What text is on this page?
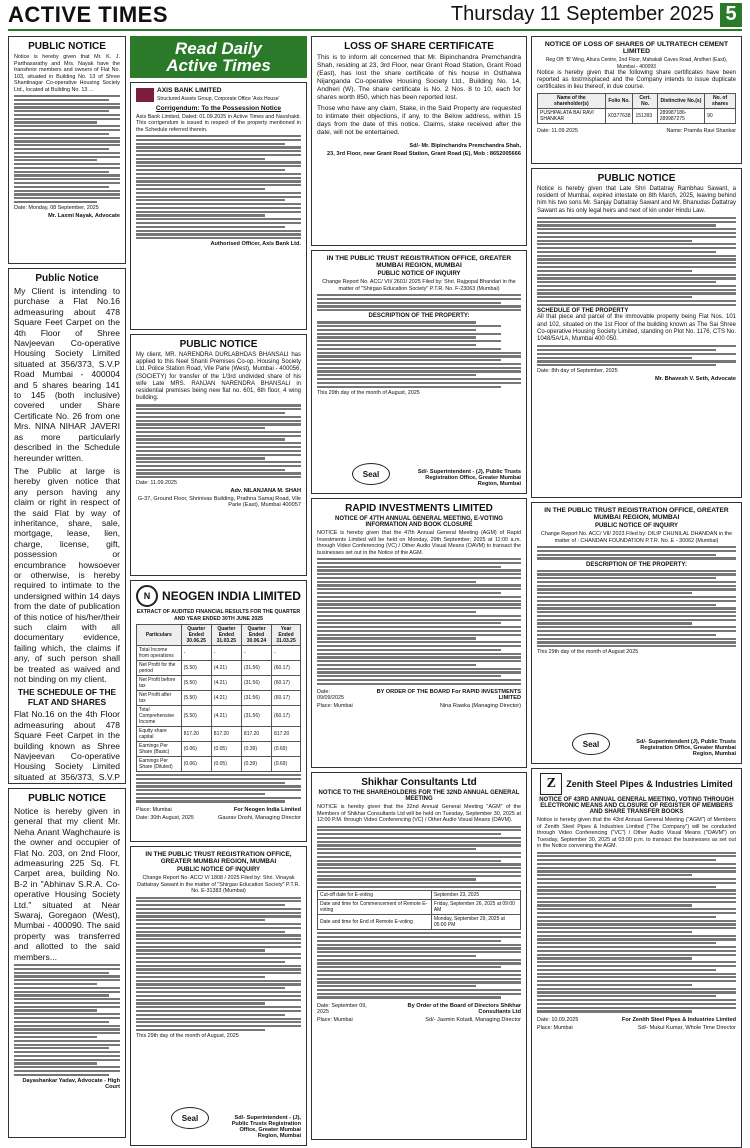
ACTIVE TIMES	Thursday 11 September 2025 5
PUBLIC NOTICE
Notice is hereby given that Mr. K. J. Parthasarathy and Mrs. Nayak have the transferor members and owners of Flat No. 103, situated in Building No. 13 of Shree Shantinagar Co-operative Housing Society Ltd., located at Building No. 13 ...
Date: Monday, 08 September, 2025
Mr. Laxmi Nayak, Advocate
Public Notice
My Client is intending to purchase a Flat No.16 admeasuring about 478 Square Feet Carpet on the 4th Floor of Shree Navjeevan Co-operative Housing Society Limited situated at 356/373, S.V.P Road Mumbai - 400004 and 5 shares bearing 141 to 145 (both inclusive) covered under Share Certificate No. 26 from one Mrs. NINA NIHAR JAVERI as more particularly described in the Schedule hereunder written.
The Public at large is hereby given notice that any person having any claim or right in respect of the said Flat by way of inheritance, share, sale, mortgage, lease, lien, charge, license, gift, possession or encumbrance howsoever or otherwise, is hereby required to intimate to the undersigned within 14 days from the date of publication of this notice of his/her/their such claim with all documentary evidence, failing which, the claims if any, of such person shall be treated as waived and not binding on my client.
THE SCHEDULE OF THE FLAT AND SHARES
Flat No.16 on the 4th Floor admeasuring about 478 Square Feet Carpet in the building known as Shree Navjeevan Co-operative Housing Society Limited situated at 356/373, S.V.P
PUBLIC NOTICE
Notice is hereby given in general that my client Mr. Neha Anant Waghchaure is the owner and occupier of Flat No. 203, on 2nd Floor, admeasuring 225 Sq. Ft. Carpet area, building No. B-2 in "Abhinav S.R.A. Co-operative Housing Society Ltd." situated at Near Swaraj, Goregaon (West), Mumbai - 400090. The said property was transferred and allotted to the said members...
Dayashankar Yadav, Advocate - High Court
Read Daily
Active Times
AXIS BANK LIMITED
Structured Assets Group, Corporate Office 'Axis House'
Corrigendum: To the Possession Notice
Axis Bank Limited, Dated: 01.09.2025 in Active Times and Navshakti. This corrigendum is issued in respect of the property mentioned in the Schedule referred therein.
Authorised Officer, Axis Bank Ltd.
PUBLIC NOTICE
My client, MR. NARENDRA DURLABHDAS BHANSALI has applied to this Neel Shanti Premises Co-op. Housing Society Ltd. Police Station Road, Vile Parle (West), Mumbai - 400056, (SOCIETY) for transfer of the 1/3rd undivided share of his wife Late MRS. RANJAN NARENDRA BHANSALI in residential premises being new flat no. 601, 6th floor, 4 wing building.
Date: 11.09.2025
Adv. NILANJANA M. SHAH
G-37, Ground Floor, Shrinivas Building, Prathna Samaj Road, Vile Parle (East), Mumbai 400057
N NEOGEN INDIA LIMITED
EXTRACT OF AUDITED FINANCIAL RESULTS FOR THE QUARTER AND YEAR ENDED 30TH JUNE 2025
Particulars	Quarter Ended 30.06.25	Quarter Ended 31.03.25	Quarter Ended 30.06.24	Year Ended 31.03.25
Total Income from operations	-	-	-	-
Net Profit for the period	(5.50)	(4.21)	(31.56)	(60.17)
Net Profit before tax	(5.50)	(4.21)	(31.56)	(60.17)
Net Profit after tax	(5.50)	(4.21)	(31.56)	(60.17)
Total Comprehensive Income	(5.50)	(4.21)	(31.56)	(60.17)
Equity share capital	817.20	817.20	817.20	817.20
Earnings Per Share (Basic)	(0.06)	(0.05)	(0.39)	(0.69)
Earnings Per Share (Diluted)	(0.06)	(0.05)	(0.39)	(0.69)
Place: Mumbai
Date: 30th August, 2025
For Neogen India Limited
Gaurav Doshi, Managing Director
IN THE PUBLIC TRUST REGISTRATION OFFICE, GREATER MUMBAI REGION, MUMBAI
PUBLIC NOTICE OF INQUIRY
Change Report No. ACC/ V/ 1808 / 2025 Filed by: Shri. Vinayak Dattatray Sawant in the matter of "Shirgao Education Society" P.T.R. No. E-31383 (Mumbai)
This 29th day of the month of August, 2025
Seal	Sd/- Superintendent - (J), Public Trusts Registration Office, Greater Mumbai Region, Mumbai
LOSS OF SHARE CERTIFICATE
This is to inform all concerned that Mr. Bipinchandra Premchandra Shah, residing at 23, 3rd Floor, near Grant Road Station, Grant Road (East), has lost the share certificate of his house in Osthalwa Nijanganda Co-operative Housing Society Ltd., Building No. 14, Andheri (W). The share certificate is No. 2 Nos. 8 to 10, each for shares worth 850, which has been reported lost.
Those who have any claim, Stake, in the Said Property are requested to intimate their objections, if any, to the Below address, within 15 days from the date of this notice. Claims, stake received after the date, will not be entertained.
Sd/- Mr. Bipinchandra Premchandra Shah,
23, 3rd Floor, near Grant Road Station, Grant Road (E), Mob : 8652005666
IN THE PUBLIC TRUST REGISTRATION OFFICE, GREATER MUMBAI REGION, MUMBAI
PUBLIC NOTICE OF INQUIRY
Change Report No. ACC/ VII/ 2601/ 2025 Filed by: Shri. Rajgopal Bhandari in the matter of "Shirgao Education Society" P.T.R. No. F-23063 (Mumbai)
DESCRIPTION OF THE PROPERTY:
This 29th day of the month of August, 2025
Seal	Sd/- Superintendent - (J), Public Trusts Registration Office, Greater Mumbai Region, Mumbai
RAPID INVESTMENTS LIMITED
NOTICE OF 47TH ANNUAL GENERAL MEETING, E-VOTING INFORMATION AND BOOK CLOSURE
NOTICE is hereby given that the 47th Annual General Meeting (AGM) of Rapid Investments Limited will be held on Monday, 29th September, 2025 at 11:00 a.m. through Video Conferencing (VC) / Other Audio Visual Means (OAVM) to transact the businesses set out in the Notice of the AGM.
Date: 09/09/2025
Place: Mumbai
BY ORDER OF THE BOARD For RAPID INVESTMENTS LIMITED
Nina Rawka (Managing Director)
Shikhar Consultants Ltd
NOTICE TO THE SHAREHOLDERS FOR THE 32ND ANNUAL GENERAL MEETING
NOTICE is hereby given that the 32nd Annual General Meeting "AGM" of the Members of Shikhar Consultants Ltd will be held on Tuesday, September 30, 2025 at 12:00 P.M. through Video Conferencing (VC) / Other Audio Visual Means (OAVM).
Cut-off date for E-voting	September 23, 2025
Date and time for Commencement of Remote E-voting	Friday, September 26, 2025 at 09:00 AM
Date and time for End of Remote E-voting	Monday, September 29, 2025 at 05:00 PM
Date: September 09, 2025
Place: Mumbai
By Order of the Board of Directors Shikhar Consultants Ltd
Sd/- Jasmin Kotadi, Managing Director
NOTICE OF LOSS OF SHARES OF ULTRATECH CEMENT LIMITED
Reg Off: 'B' Wing, Ahura Centre, 2nd Floor, Mahakali Caves Road, Andheri (East), Mumbai - 400093
Notice is hereby given that the following share certificates have been reported as lost/misplaced and the Company intends to issue duplicate certificates in lieu thereof, in due course.
Name of the shareholder(s)	Folio No.	Cert. No.	Distinctive No.(s)	No. of shares
PUSHPALATA BAI RAVI SHANKAR	X0377638	151393	289987186-289987275	90
Date: 11.09.2025	Name: Pramila Ravi Shankar
PUBLIC NOTICE
Notice is hereby given that Late Shri Dattatray Rambhau Sawant, a resident of Mumbai, expired intestate on 8th March, 2025, leaving behind him his two sons Mr. Sanjay Dattatray Sawant and Mr. Bhanudas Dattatray Sawant as his only legal heirs and next of kin under Hindu Law.
SCHEDULE OF THE PROPERTY
All that piece and parcel of the immovable property being Flat Nos. 101 and 102, situated on the 1st Floor of the building known as The Sai Shree Co-operative Housing Society Limited, standing on Plot No. 1176, CTS No. 1048/5A/1A, Mumbai 400 050.
Date: 8th day of September, 2025
Mr. Bhavesh V. Seth, Advocate
IN THE PUBLIC TRUST REGISTRATION OFFICE, GREATER MUMBAI REGION, MUMBAI
PUBLIC NOTICE OF INQUIRY
Change Report No. ACC/ VII/ 2023 Filed by: DILIP CHUNILAL DHANDAN in the matter of : CHANDAN FOUNDATION P.T.R. No. E - 30062 (Mumbai)
DESCRIPTION OF THE PROPERTY:
This 29th day of the month of August 2025
Seal	Sd/- Superintendent (J), Public Trusts Registration Office, Greater Mumbai Region, Mumbai
Z	Zenith Steel Pipes & Industries Limited
NOTICE OF 43RD ANNUAL GENERAL MEETING, VOTING THROUGH ELECTRONIC MEANS AND CLOSURE OF REGISTER OF MEMBERS AND SHARE TRANSFER BOOKS
Notice is hereby given that the 43rd Annual General Meeting ("AGM") of Members of Zenith Steel Pipes & Industries Limited ("The Company") will be conducted through Video Conferencing ("VC") / Other Audio Visual Means ("OAVM") on Tuesday, September 30, 2025 at 03:00 p.m. to transact the businesses as set out in the Notice convening the AGM.
Date: 10.09.2025
Place: Mumbai
For Zenith Steel Pipes & Industries Limited
Sd/- Mukul Kumar, Whole Time Director
